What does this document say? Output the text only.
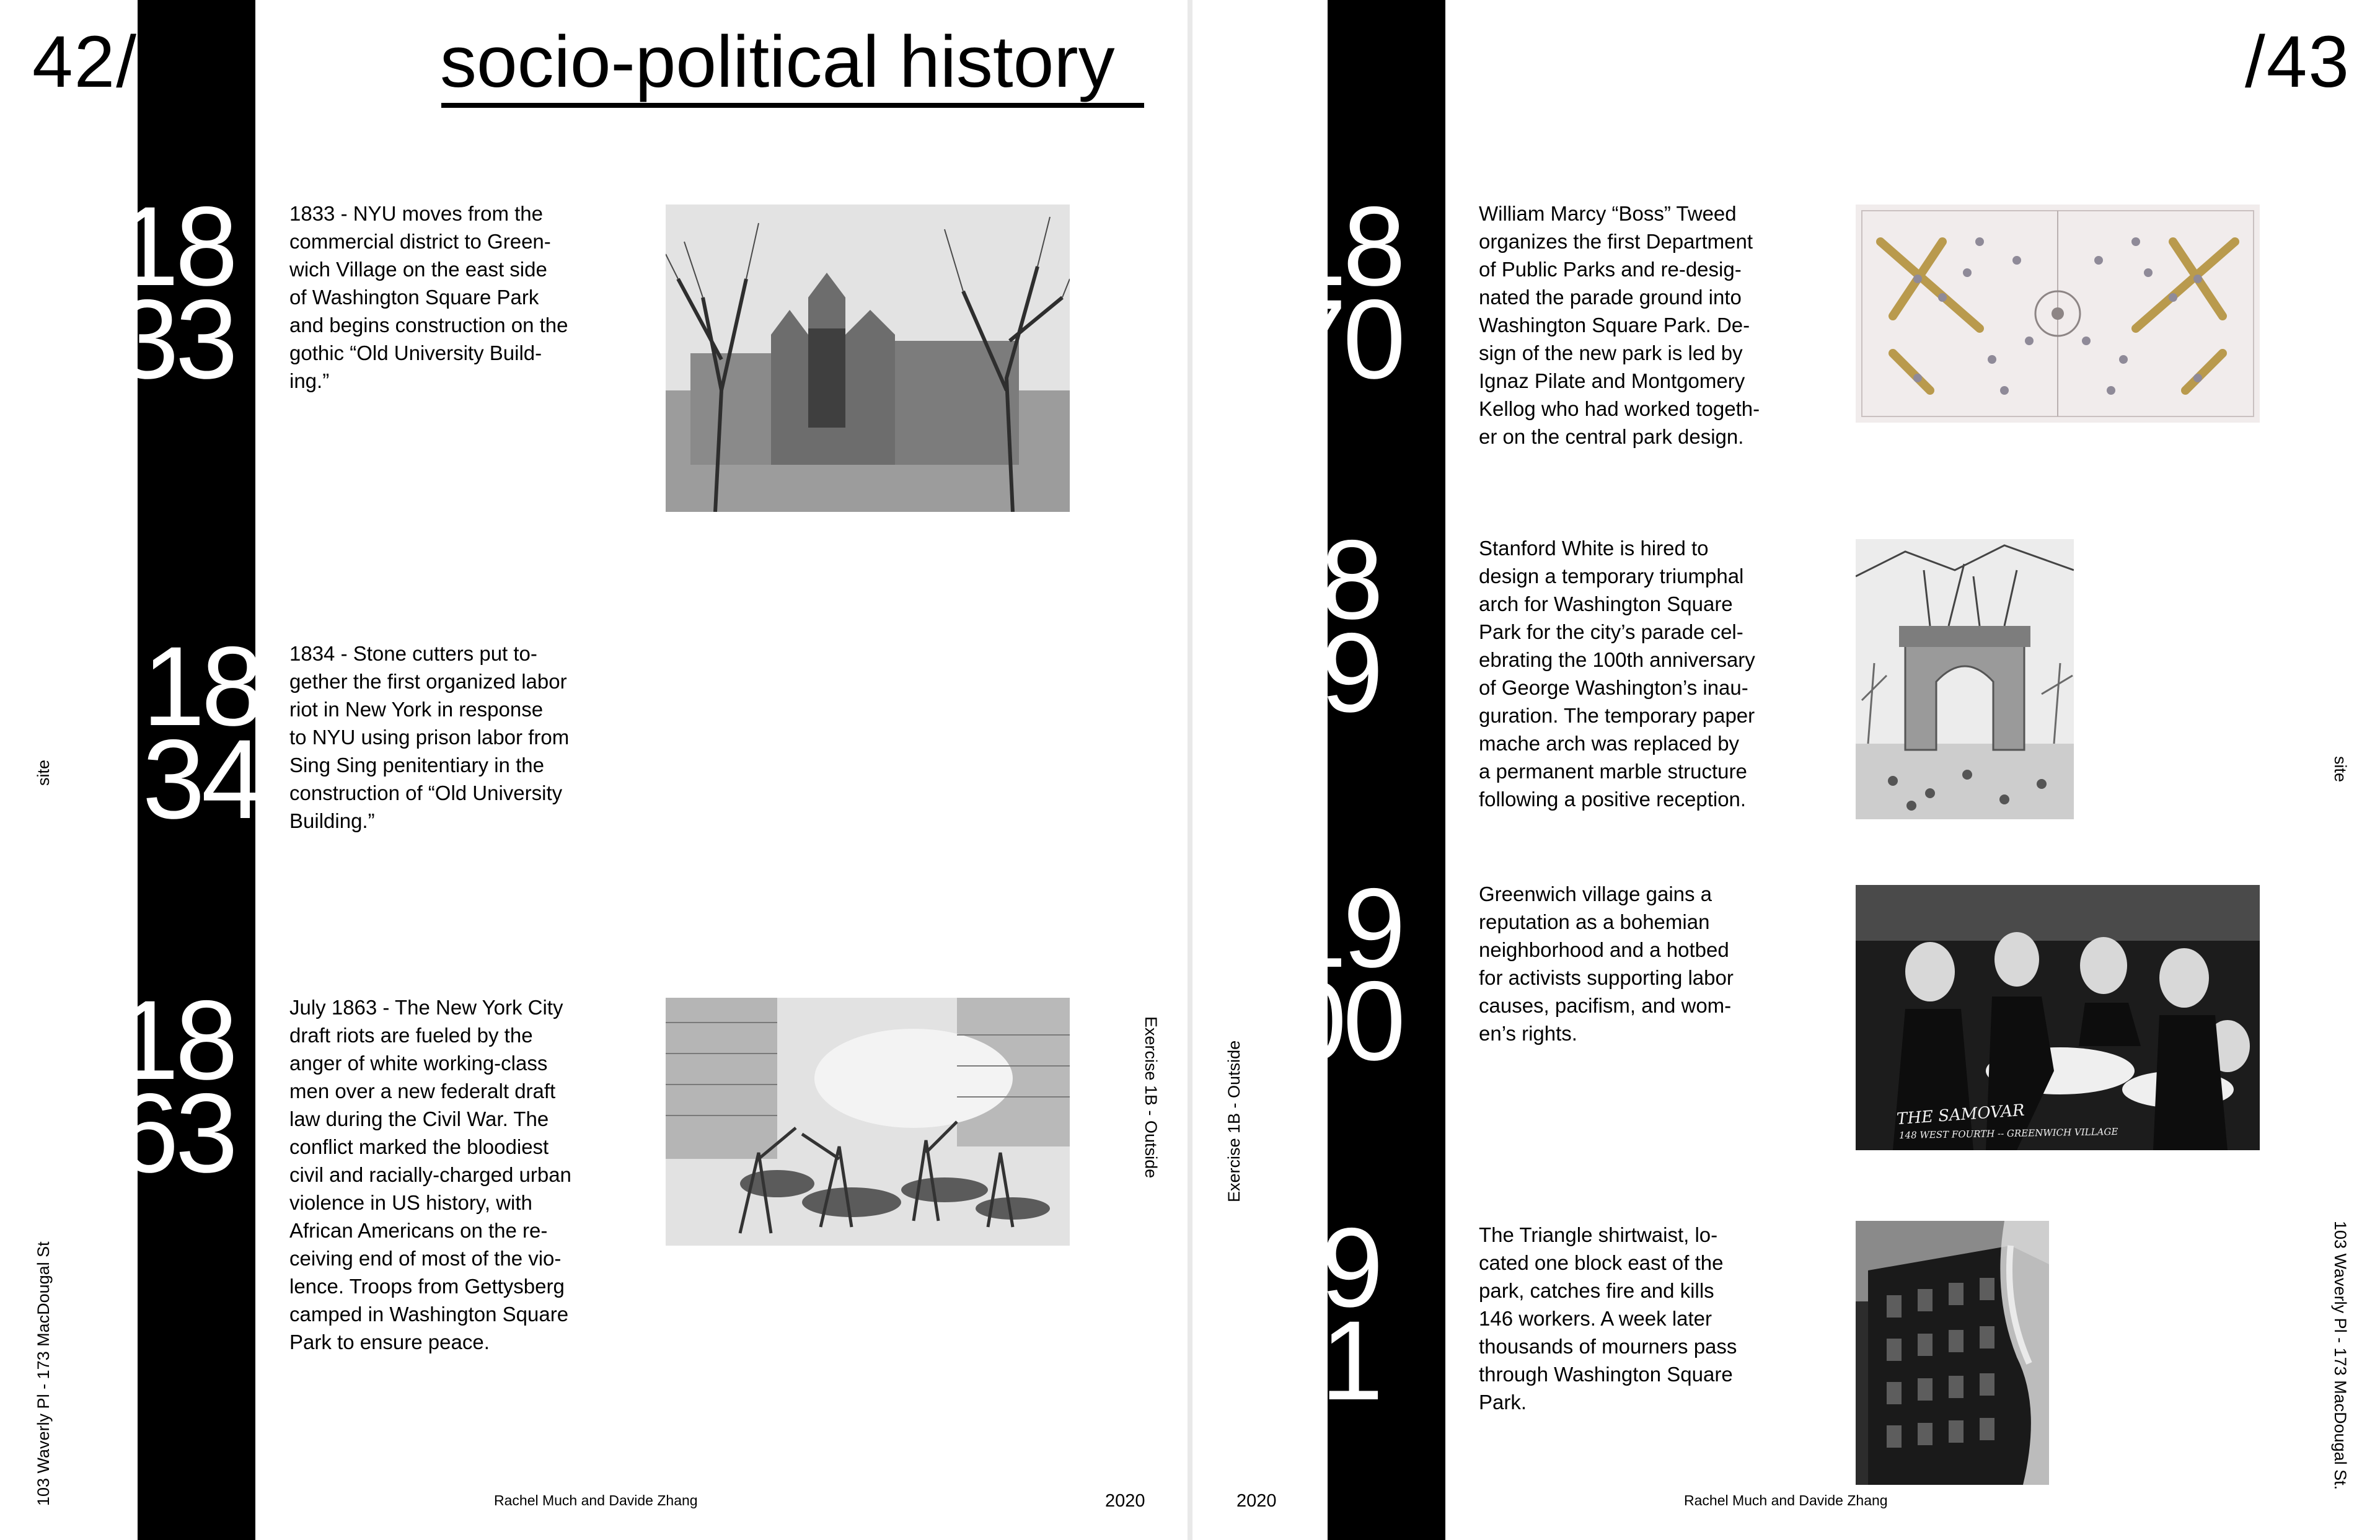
42/	socio-political history
18
33
1833 - NYU moves from the
commercial district to Green-
wich Village on the east side
of Washington Square Park
and begins construction on the
gothic “Old University Build-
ing.”
18
34
1834 - Stone cutters put to-
gether the first organized labor
riot in New York in response
to NYU using prison labor from
Sing Sing penitentiary in the
construction of “Old University
Building.”
18
63
July 1863 - The New York City
draft riots are fueled by the
anger of white working-class
men over a new federalt draft
law during the Civil War. The
conflict marked the bloodiest
civil and racially-charged urban
violence in US history, with
African Americans on the re-
ceiving end of most of the vio-
lence. Troops from Gettysberg
camped in Washington Square
Park to ensure peace.
site
103 Waverly Pl - 173 MacDougal St
Exercise 1B - Outside
Rachel Much and Davide Zhang	2020
/43
18
70
William Marcy “Boss” Tweed
organizes the first Department
of Public Parks and re-desig-
nated the parade ground into
Washington Square Park. De-
sign of the new park is led by
Ignaz Pilate and Montgomery
Kellog who had worked togeth-
er on the central park design.
18
89
Stanford White is hired to
design a temporary triumphal
arch for Washington Square
Park for the city’s parade cel-
ebrating the 100th anniversary
of George Washington’s inau-
guration. The temporary paper
mache arch was replaced by
a permanent marble structure
following a positive reception.
19
00
Greenwich village gains a
reputation as a bohemian
neighborhood and a hotbed
for activists supporting labor
causes, pacifism, and wom-
en’s rights.
THE SAMOVAR
148 WEST FOURTH -- GREENWICH VILLAGE
19
11
The Triangle shirtwaist, lo-
cated one block east of the
park, catches fire and kills
146 workers. A week later
thousands of mourners pass
through Washington Square
Park.
Exercise 1B - Outside
site
103 Waverly Pl - 173 MacDougal St.
2020	Rachel Much and Davide Zhang
